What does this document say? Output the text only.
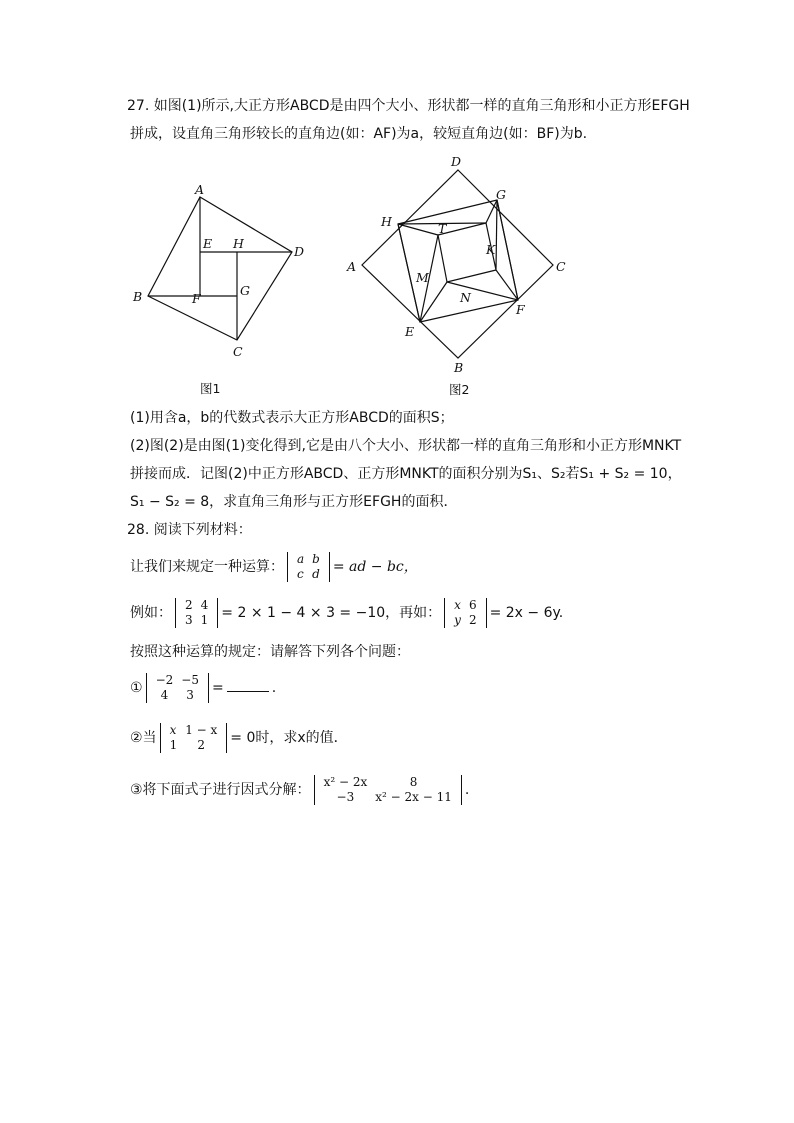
27. 如图(1)所示,大正方形ABCD是由四个大小、形状都一样的直角三角形和小正方形EFGH
拼成，设直角三角形较长的直角边(如：AF)为a，较短直角边(如：BF)为b.
A
B
C
D
E
F
G
H
图1
D
A	C
B
H
G
F
E
T
K
M
N
图2
(1)用含a，b的代数式表示大正方形ABCD的面积S；
(2)图(2)是由图(1)变化得到,它是由八个大小、形状都一样的直角三角形和小正方形MNKT
拼接而成．记图(2)中正方形ABCD、正方形MNKT的面积分别为S₁、S₂若S₁ + S₂ = 10，
S₁ − S₂ = 8，求直角三角形与正方形EFGH的面积．
28. 阅读下列材料：
让我们来规定一种运算： a	b
c	d = ad − bc，
例如： 2	4
3	1 = 2 × 1 − 4 × 3 = −10，再如： x	6
y	2 = 2x − 6y.
按照这种运算的规定：请解答下列各个问题：
① −2	−5
4	3 =	.
②当 x	1 − x
1	2 = 0时，求x的值．
③将下面式子进行因式分解： x² − 2x	8
−3	x² − 2x − 11 .
